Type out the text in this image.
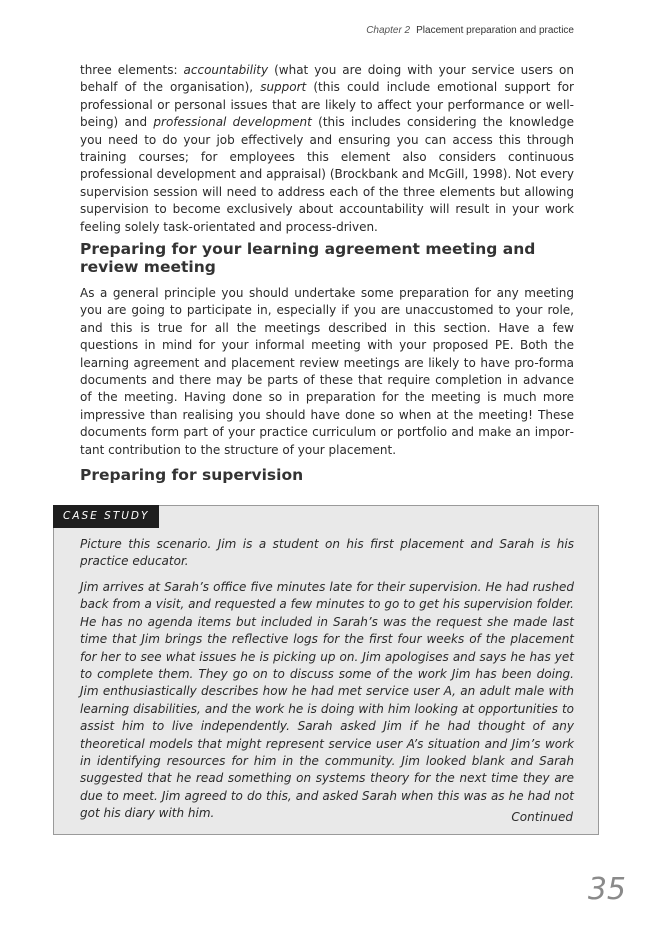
Chapter 2 Placement preparation and practice

three elements: accountability (what you are doing with your service users on behalf of the organisation), support (this could include emotional support for professional or personal issues that are likely to affect your performance or well-being) and professional development (this includes considering the knowledge you need to do your job effectively and ensuring you can access this through training courses; for employees this element also considers continuous professional development and appraisal) (Brockbank and McGill, 1998). Not every supervision session will need to address each of the three elements but allowing supervision to become exclusively about accountability will result in your work feeling solely task-orientated and process-driven.

Preparing for your learning agreement meeting and
review meeting

As a general principle you should undertake some preparation for any meeting you are going to participate in, especially if you are unaccustomed to your role, and this is true for all the meetings described in this section. Have a few questions in mind for your informal meeting with your proposed PE. Both the learning agreement and placement review meetings are likely to have pro-forma documents and there may be parts of these that require completion in advance of the meeting. Having done so in preparation for the meeting is much more impressive than realising you should have done so when at the meeting! These documents form part of your practice curriculum or portfolio and make an important contribution to the structure of your placement.

Preparing for supervision
CASE STUDY

Picture this scenario. Jim is a student on his first placement and Sarah is his practice educator.

Jim arrives at Sarah’s office five minutes late for their supervision. He had rushed back from a visit, and requested a few minutes to go to get his supervision folder. He has no agenda items but included in Sarah’s was the request she made last time that Jim brings the reflective logs for the first four weeks of the placement for her to see what issues he is picking up on. Jim apologises and says he has yet to complete them. They go on to discuss some of the work Jim has been doing. Jim enthusiastically describes how he had met service user A, an adult male with learning disabilities, and the work he is doing with him looking at opportunities to assist him to live independently. Sarah asked Jim if he had thought of any theoretical models that might represent service user A’s situation and Jim’s work in identifying resources for him in the community. Jim looked blank and Sarah suggested that he read something on systems theory for the next time they are due to meet. Jim agreed to do this, and asked Sarah when this was as he had not got his diary with him.	Continued
35
